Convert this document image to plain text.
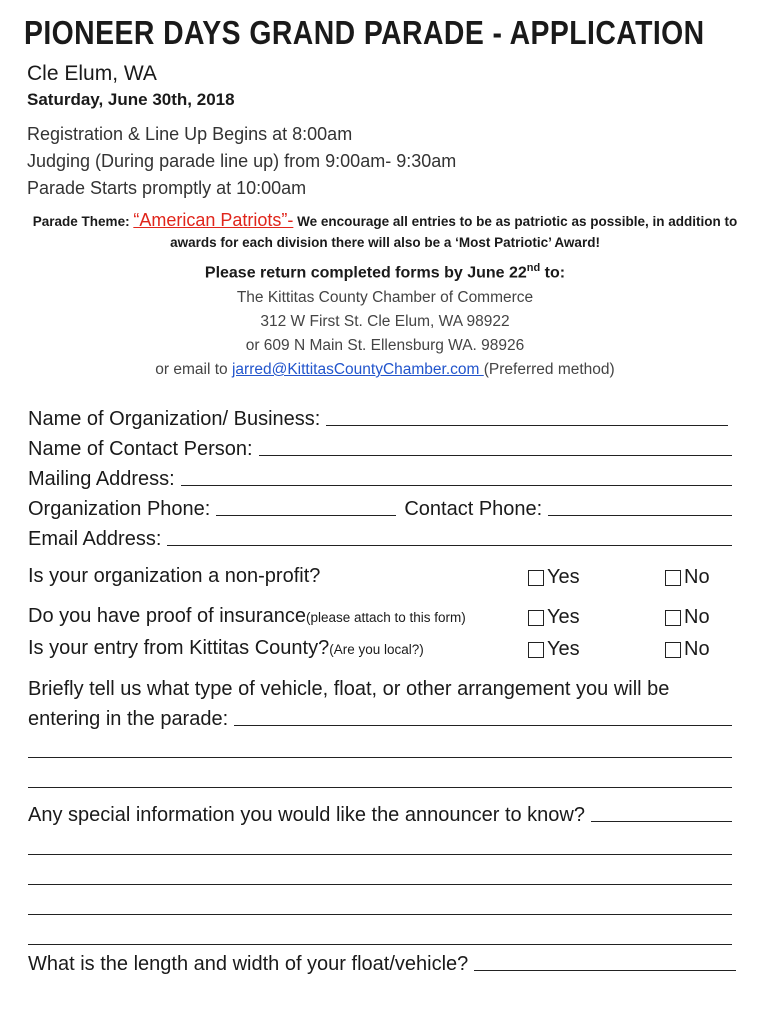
PIONEER DAYS GRAND PARADE - APPLICATION
Cle Elum, WA
Saturday, June 30th, 2018
Registration & Line Up Begins at 8:00am
Judging (During parade line up) from 9:00am- 9:30am
Parade Starts promptly at 10:00am
Parade Theme: “American Patriots”- We encourage all entries to be as patriotic as possible, in addition to awards for each division there will also be a ‘Most Patriotic’ Award!
Please return completed forms by June 22nd to:
The Kittitas County Chamber of Commerce
312 W First St. Cle Elum, WA 98922
or 609 N Main St. Ellensburg WA. 98926
or email to jarred@KittitasCountyChamber.com (Preferred method)
Name of Organization/ Business:
Name of Contact Person:
Mailing Address:
Organization Phone:	Contact Phone:
Email Address:
Is your organization a non-profit?	Yes	No
Do you have proof of insurance (please attach to this form)	Yes	No
Is your entry from Kittitas County? (Are you local?)	Yes	No
Briefly tell us what type of vehicle, float, or other arrangement you will be
entering in the parade:
Any special information you would like the announcer to know?
What is the length and width of your float/vehicle?
